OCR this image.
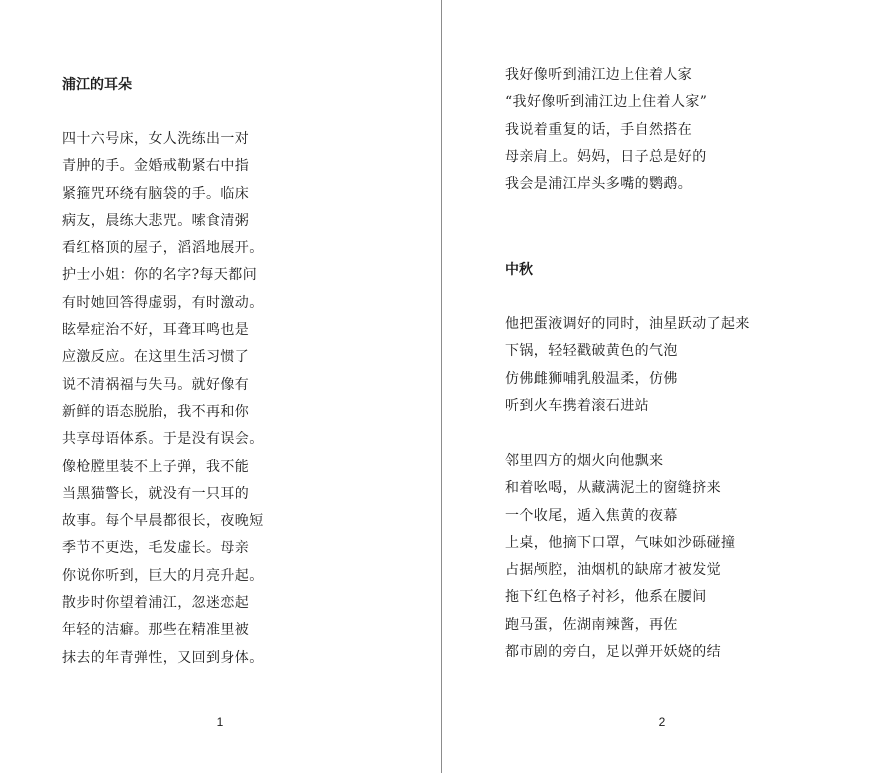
浦江的耳朵
四十六号床，女人洗练出一对
青肿的手。金婚戒勒紧右中指
紧箍咒环绕有脑袋的手。临床
病友，晨练大悲咒。嗦食清粥
看红格顶的屋子，滔滔地展开。
护士小姐：你的名字?每天都问
有时她回答得虚弱，有时激动。
眩晕症治不好，耳聋耳鸣也是
应激反应。在这里生活习惯了
说不清祸福与失马。就好像有
新鲜的语态脱胎，我不再和你
共享母语体系。于是没有误会。
像枪膛里装不上子弹，我不能
当黑猫警长，就没有一只耳的
故事。每个早晨都很长，夜晚短
季节不更迭，毛发虚长。母亲
你说你听到，巨大的月亮升起。
散步时你望着浦江，忽迷恋起
年轻的洁癖。那些在精准里被
抹去的年青弹性，又回到身体。
1
我好像听到浦江边上住着人家
“我好像听到浦江边上住着人家”
我说着重复的话，手自然搭在
母亲肩上。妈妈，日子总是好的
我会是浦江岸头多嘴的鹦鹉。
中秋
他把蛋液调好的同时，油星跃动了起来
下锅，轻轻戳破黄色的气泡
仿佛雌狮哺乳般温柔，仿佛
听到火车携着滚石进站
邻里四方的烟火向他飘来
和着吆喝，从藏满泥土的窗缝挤来
一个收尾，遁入焦黄的夜幕
上桌，他摘下口罩，气味如沙砾碰撞
占据颅腔，油烟机的缺席才被发觉
拖下红色格子衬衫，他系在腰间
跑马蛋，佐湖南辣酱，再佐
都市剧的旁白，足以弹开妖娆的结
2
